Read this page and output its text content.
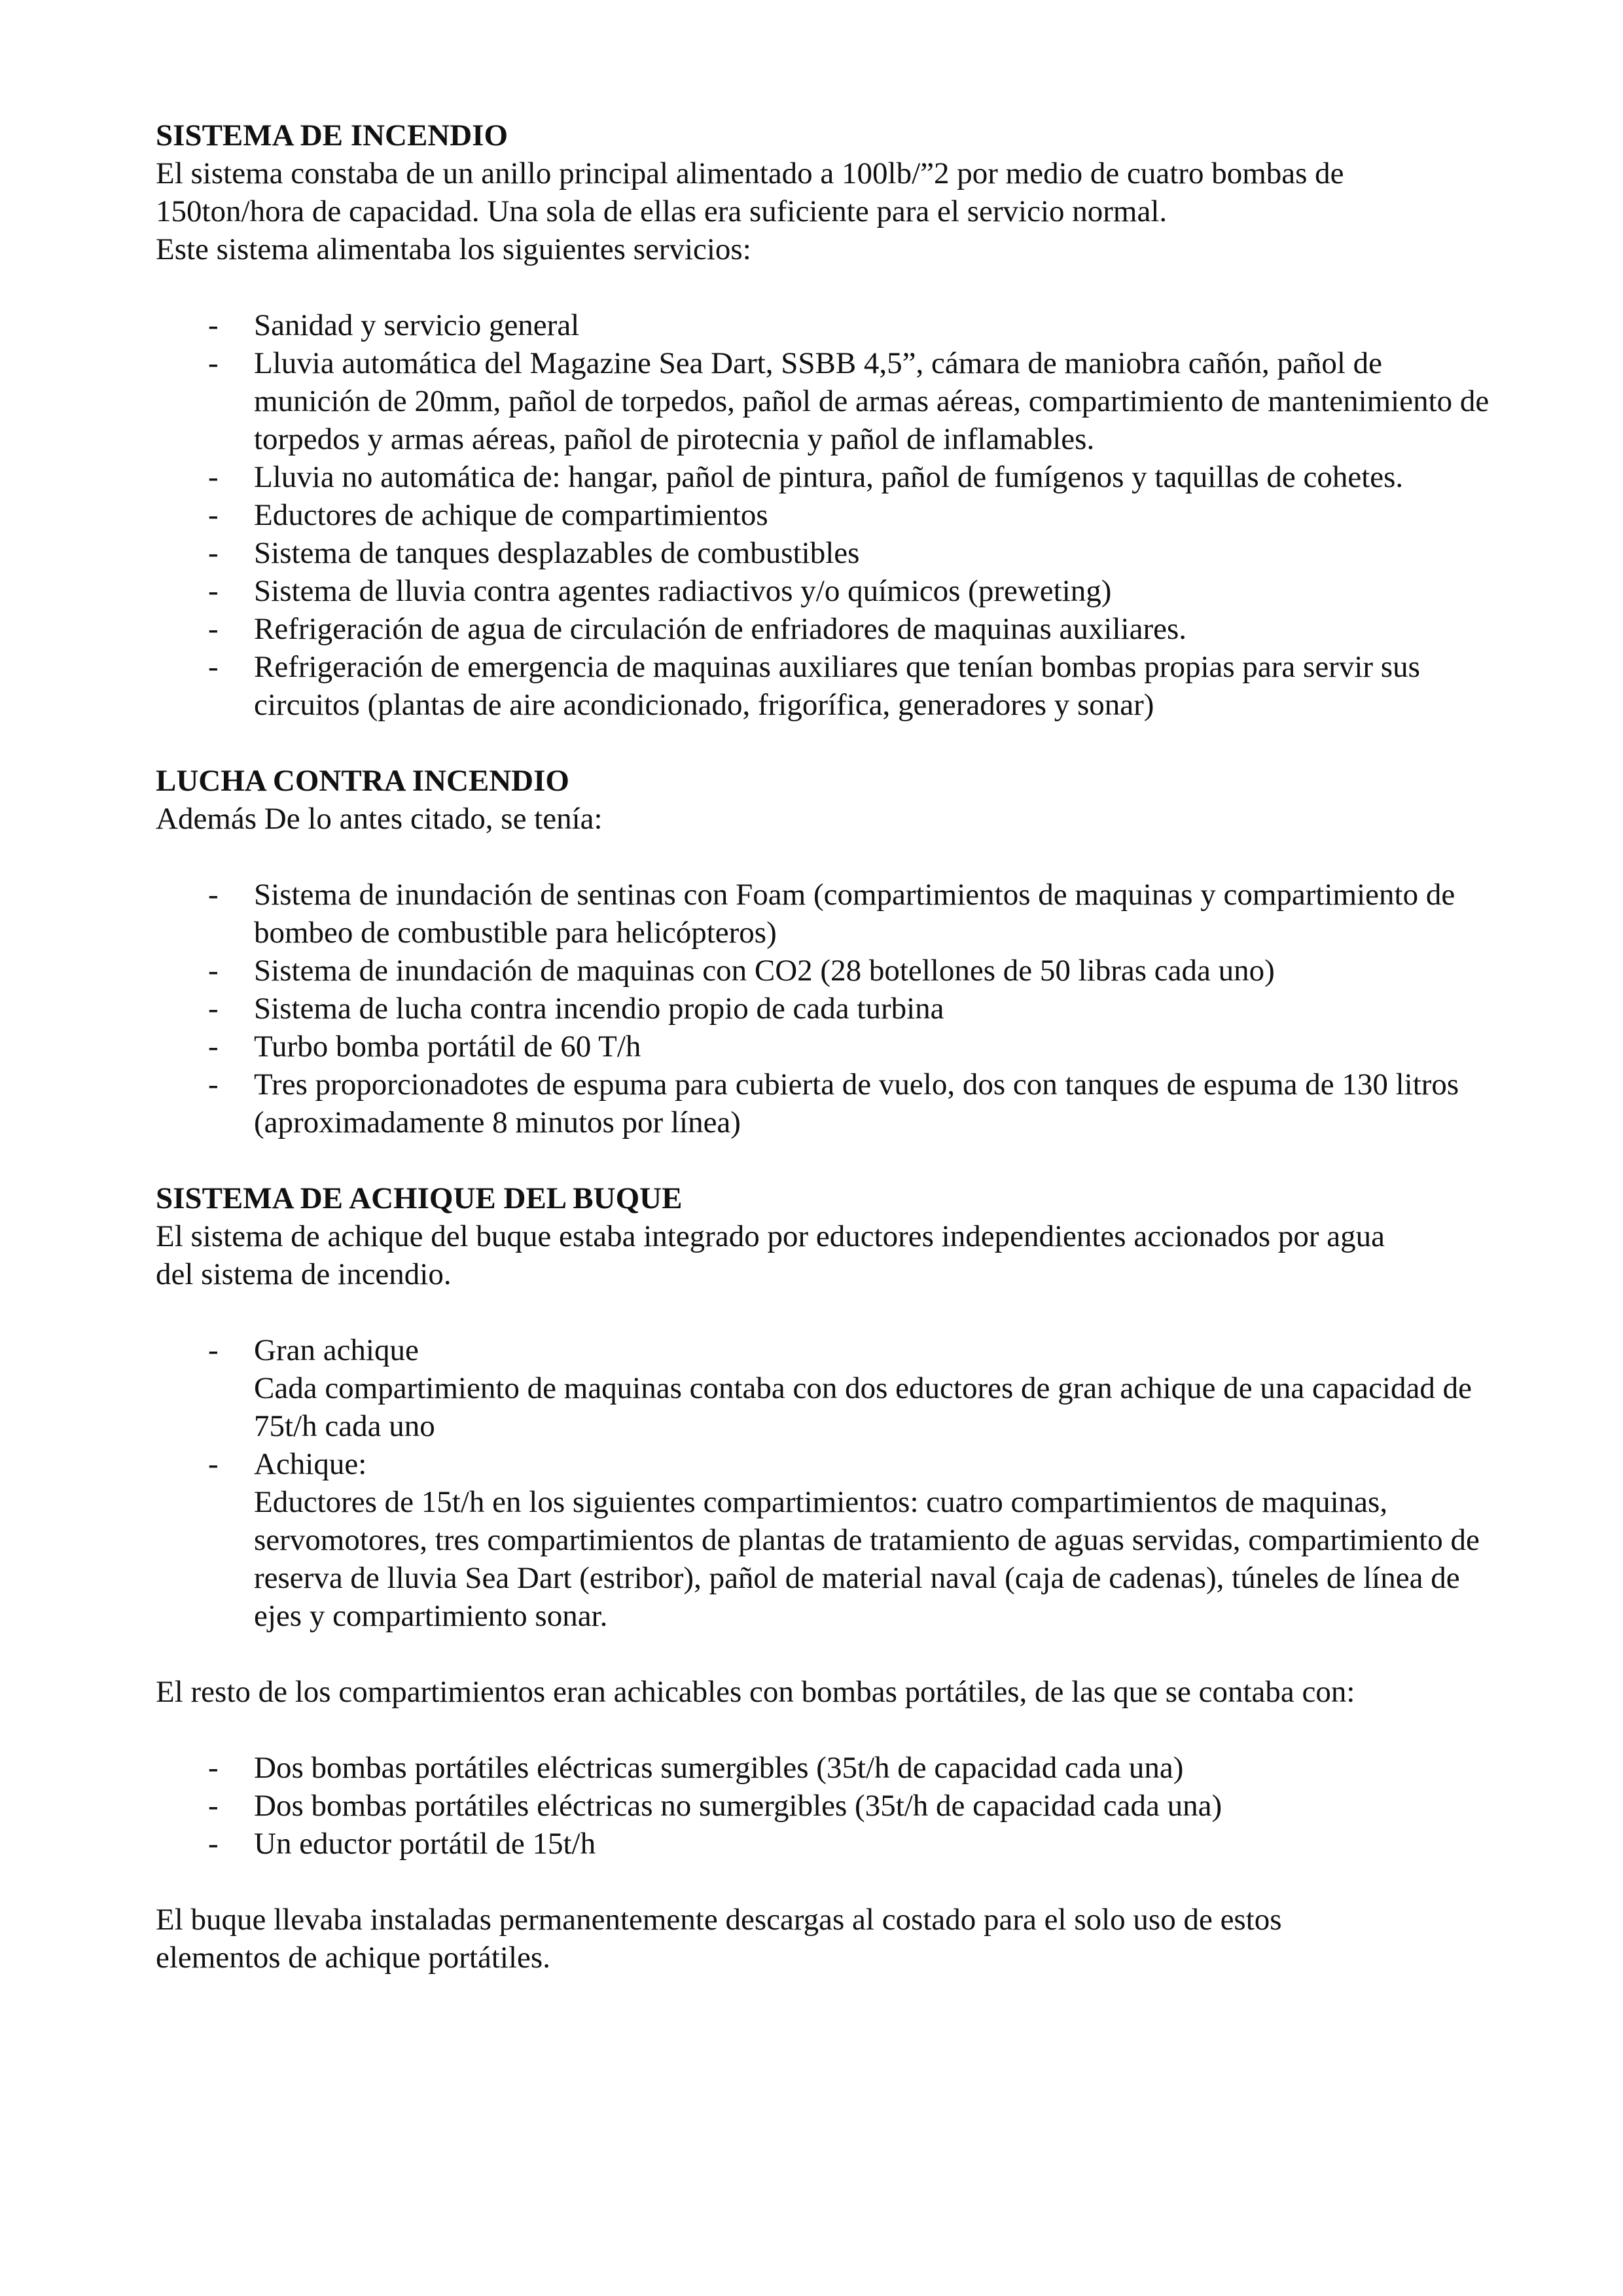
SISTEMA DE INCENDIO

El sistema constaba de un anillo principal alimentado a 100lb/”2 por medio de cuatro bombas de

150ton/hora de capacidad. Una sola de ellas era suficiente para el servicio normal.

Este sistema alimentaba los siguientes servicios:

- Sanidad y servicio general
- Lluvia automática del Magazine Sea Dart, SSBB 4,5”, cámara de maniobra cañón, pañol de munición de 20mm, pañol de torpedos, pañol de armas aéreas, compartimiento de mantenimiento de torpedos y armas aéreas, pañol de pirotecnia y pañol de inflamables.
- Lluvia no automática de: hangar, pañol de pintura, pañol de fumígenos y taquillas de cohetes.
- Eductores de achique de compartimientos
- Sistema de tanques desplazables de combustibles
- Sistema de lluvia contra agentes radiactivos y/o químicos (preweting)
- Refrigeración de agua de circulación de enfriadores de maquinas auxiliares.
- Refrigeración de emergencia de maquinas auxiliares que tenían bombas propias para servir sus circuitos (plantas de aire acondicionado, frigorífica, generadores y sonar)

LUCHA CONTRA INCENDIO

Además De lo antes citado, se tenía:

- Sistema de inundación de sentinas con Foam (compartimientos de maquinas y compartimiento de bombeo de combustible para helicópteros)
- Sistema de inundación de maquinas con CO2 (28 botellones de 50 libras cada uno)
- Sistema de lucha contra incendio propio de cada turbina
- Turbo bomba portátil de 60 T/h
- Tres proporcionadotes de espuma para cubierta de vuelo, dos con tanques de espuma de 130 litros (aproximadamente 8 minutos por línea)

SISTEMA DE ACHIQUE DEL BUQUE

El sistema de achique del buque estaba integrado por eductores independientes accionados por agua

del sistema de incendio.

- Gran achique
Cada compartimiento de maquinas contaba con dos eductores de gran achique de una capacidad de 75t/h cada uno
- Achique:
Eductores de 15t/h en los siguientes compartimientos: cuatro compartimientos de maquinas, servomotores, tres compartimientos de plantas de tratamiento de aguas servidas, compartimiento de reserva de lluvia Sea Dart (estribor), pañol de material naval (caja de cadenas), túneles de línea de ejes y compartimiento sonar.

El resto de los compartimientos eran achicables con bombas portátiles, de las que se contaba con:

- Dos bombas portátiles eléctricas sumergibles (35t/h de capacidad cada una)
- Dos bombas portátiles eléctricas no sumergibles (35t/h de capacidad cada una)
- Un eductor portátil de 15t/h

El buque llevaba instaladas permanentemente descargas al costado para el solo uso de estos

elementos de achique portátiles.
